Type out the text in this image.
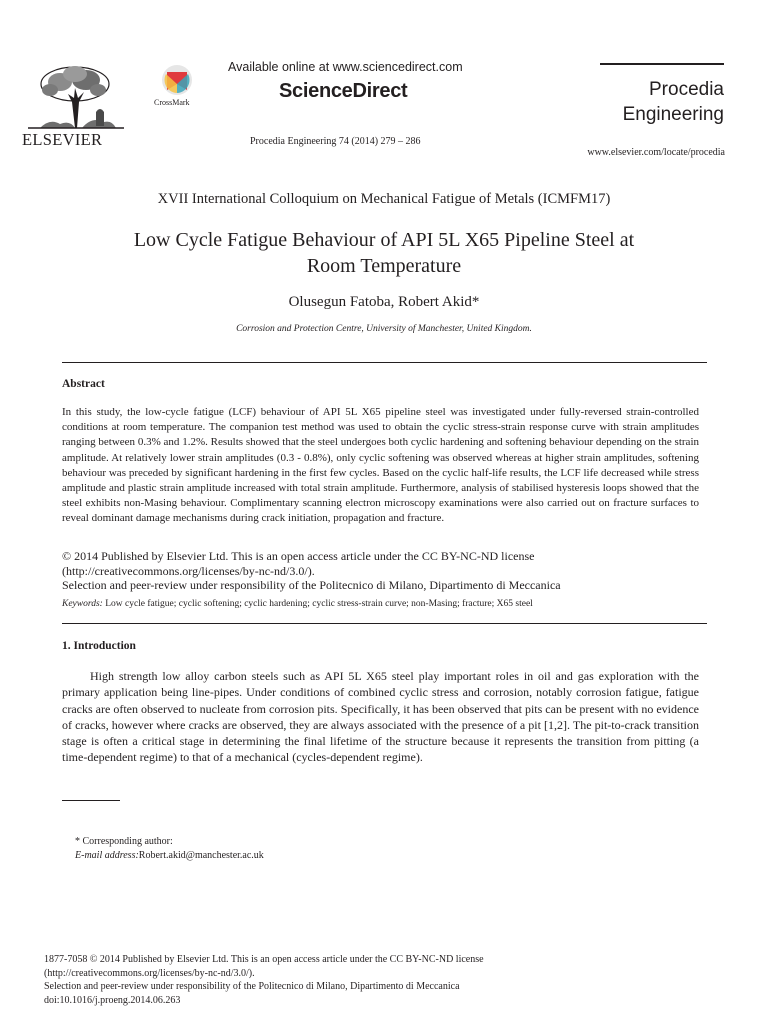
ELSEVIER
CrossMark
Available online at www.sciencedirect.com
ScienceDirect
Procedia Engineering 74 (2014) 279 – 286
Procedia
Engineering
www.elsevier.com/locate/procedia
XVII International Colloquium on Mechanical Fatigue of Metals (ICMFM17)
Low Cycle Fatigue Behaviour of API 5L X65 Pipeline Steel at
Room Temperature
Olusegun Fatoba, Robert Akid*
Corrosion and Protection Centre, University of Manchester, United Kingdom.
Abstract
In this study, the low-cycle fatigue (LCF) behaviour of API 5L X65 pipeline steel was investigated under fully-reversed strain-controlled conditions at room temperature. The companion test method was used to obtain the cyclic stress-strain response curve with strain amplitudes ranging between 0.3% and 1.2%. Results showed that the steel undergoes both cyclic hardening and softening behaviour depending on the strain amplitude. At relatively lower strain amplitudes (0.3 - 0.8%), only cyclic softening was observed whereas at higher strain amplitudes, softening behaviour was preceded by significant hardening in the first few cycles. Based on the cyclic half-life results, the LCF life decreased while stress amplitude and plastic strain amplitude increased with total strain amplitude. Furthermore, analysis of stabilised hysteresis loops showed that the steel exhibits non-Masing behaviour. Complimentary scanning electron microscopy examinations were also carried out on fracture surfaces to reveal dominant damage mechanisms during crack initiation, propagation and fracture.
© 2014 Published by Elsevier Ltd. This is an open access article under the CC BY-NC-ND license
(http://creativecommons.org/licenses/by-nc-nd/3.0/).
Selection and peer-review under responsibility of the Politecnico di Milano, Dipartimento di Meccanica
Keywords: Low cycle fatigue; cyclic softening; cyclic hardening; cyclic stress-strain curve; non-Masing; fracture; X65 steel
1. Introduction
High strength low alloy carbon steels such as API 5L X65 steel play important roles in oil and gas exploration with the primary application being line-pipes. Under conditions of combined cyclic stress and corrosion, notably corrosion fatigue, fatigue cracks are often observed to nucleate from corrosion pits. Specifically, it has been observed that pits can be present with no evidence of cracks, however where cracks are observed, they are always associated with the presence of a pit [1,2]. The pit-to-crack transition stage is often a critical stage in determining the final lifetime of the structure because it represents the transition from pitting (a time-dependent regime) to that of a mechanical (cycles-dependent regime).
* Corresponding author:
E-mail address:Robert.akid@manchester.ac.uk
1877-7058 © 2014 Published by Elsevier Ltd. This is an open access article under the CC BY-NC-ND license
(http://creativecommons.org/licenses/by-nc-nd/3.0/).
Selection and peer-review under responsibility of the Politecnico di Milano, Dipartimento di Meccanica
doi:10.1016/j.proeng.2014.06.263
